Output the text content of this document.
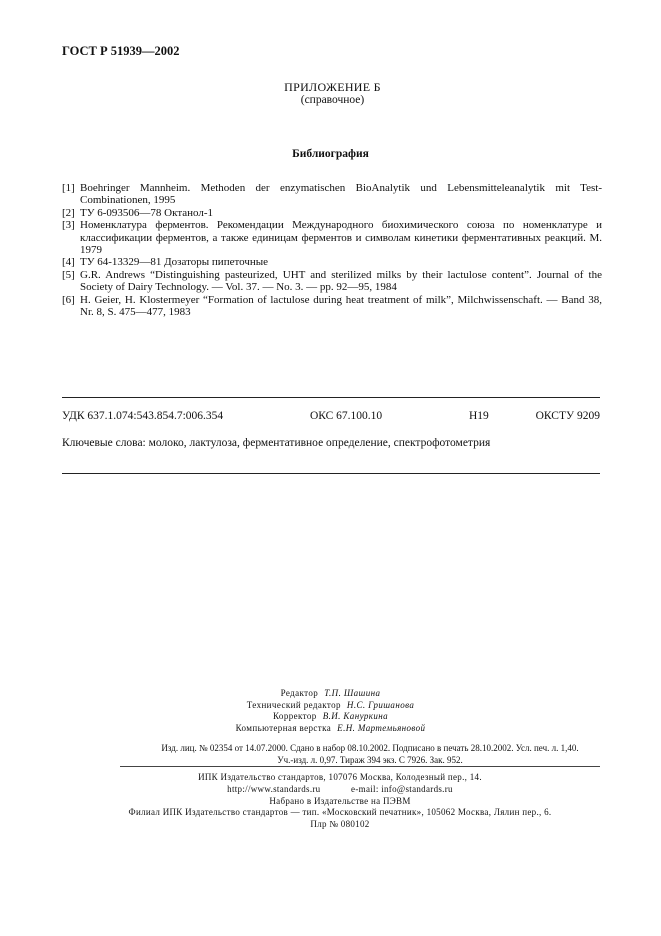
ГОСТ Р 51939—2002
ПРИЛОЖЕНИЕ Б
(справочное)
Библиография
[1] Boehringer Mannheim. Methoden der enzymatischen BioAnalytik und Lebensmitteleanalytik mit Test-Combinationen, 1995
[2] ТУ 6-093506—78 Октанол-1
[3] Номенклатура ферментов. Рекомендации Международного биохимического союза по номенклатуре и классификации ферментов, а также единицам ферментов и символам кинетики ферментативных реакций. М. 1979
[4] ТУ 64-13329—81 Дозаторы пипеточные
[5] G.R. Andrews “Distinguishing pasteurized, UHT and sterilized milks by their lactulose content”. Journal of the Society of Dairy Technology. — Vol. 37. — No. 3. — pp. 92—95, 1984
[6] H. Geier, H. Klostermeyer “Formation of lactulose during heat treatment of milk”, Milchwissenschaft. — Band 38, Nr. 8, S. 475—477, 1983
УДК 637.1.074:543.854.7:006.354	ОКС 67.100.10	Н19	ОКСТУ 9209
Ключевые слова: молоко, лактулоза, ферментативное определение, спектрофотометрия
Редактор Т.П. Шашина
Технический редактор Н.С. Гришанова
Корректор В.И. Кануркина
Компьютерная верстка Е.Н. Мартемьяновой
Изд. лиц. № 02354 от 14.07.2000. Сдано в набор 08.10.2002. Подписано в печать 28.10.2002. Усл. печ. л. 1,40.
Уч.-изд. л. 0,97. Тираж 394 экз. С 7926. Зак. 952.
ИПК Издательство стандартов, 107076 Москва, Колодезный пер., 14.
http://www.standards.ru            e-mail: info@standards.ru
Набрано в Издательстве на ПЭВМ
Филиал ИПК Издательство стандартов — тип. «Московский печатник», 105062 Москва, Лялин пер., 6.
Плр № 080102
